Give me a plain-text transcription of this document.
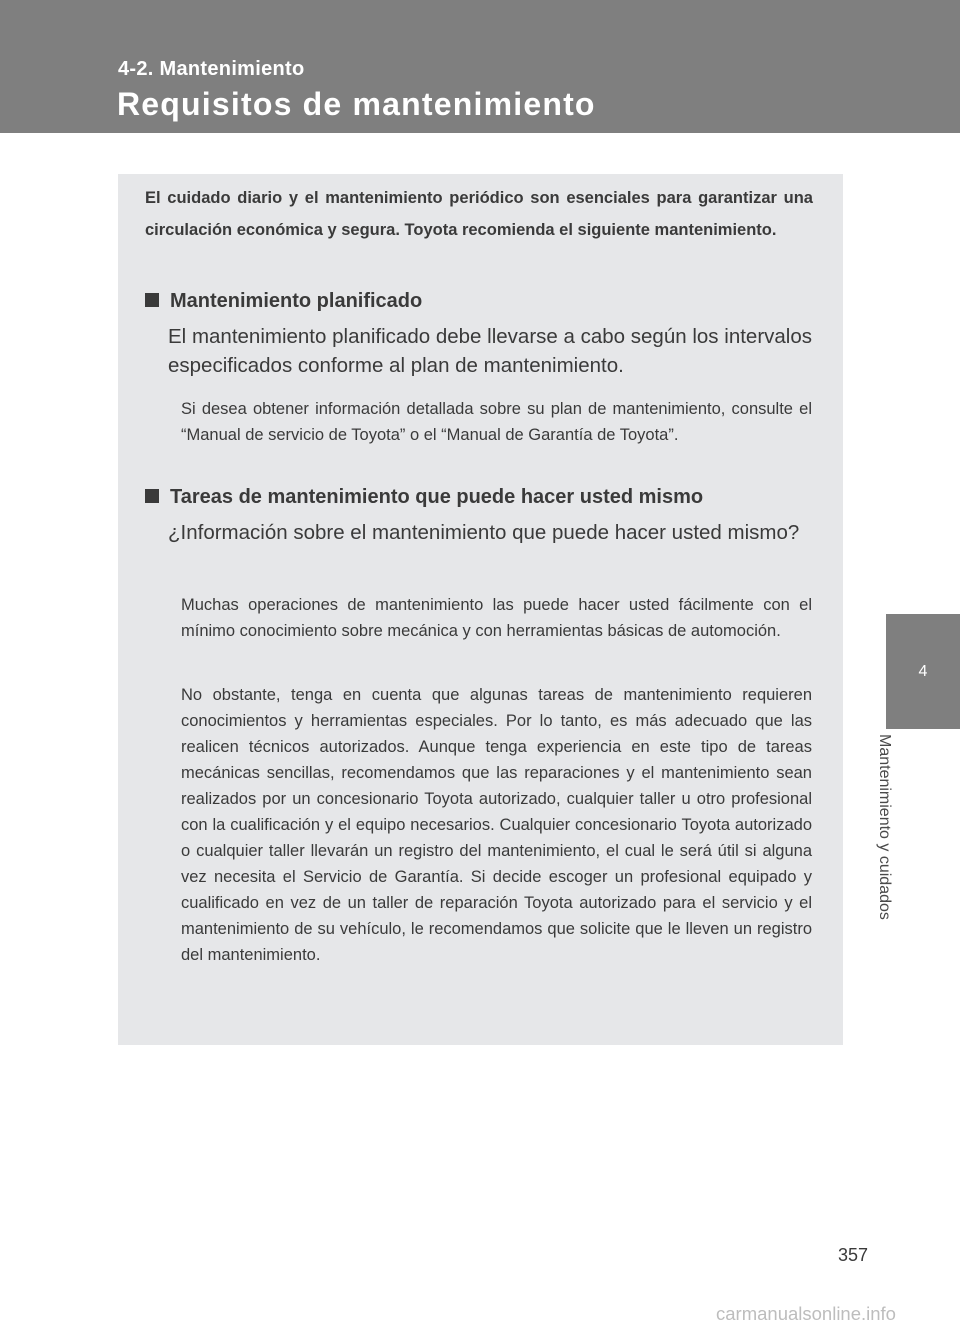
4-2. Mantenimiento
Requisitos de mantenimiento
4
Mantenimiento y cuidados
El cuidado diario y el mantenimiento periódico son esenciales para garantizar una circulación económica y segura. Toyota recomienda el siguiente mantenimiento.
Mantenimiento planificado
El mantenimiento planificado debe llevarse a cabo según los intervalos especificados conforme al plan de mantenimiento.
Si desea obtener información detallada sobre su plan de mantenimiento, consulte el “Manual de servicio de Toyota” o el “Manual de Garantía de Toyota”.
Tareas de mantenimiento que puede hacer usted mismo
¿Información sobre el mantenimiento que puede hacer usted mismo?
Muchas operaciones de mantenimiento las puede hacer usted fácilmente con el mínimo conocimiento sobre mecánica y con herramientas básicas de automoción.
No obstante, tenga en cuenta que algunas tareas de mantenimiento requieren conocimientos y herramientas especiales. Por lo tanto, es más adecuado que las realicen técnicos autorizados. Aunque tenga experiencia en este tipo de tareas mecánicas sencillas, recomendamos que las reparaciones y el mantenimiento sean realizados por un concesionario Toyota autorizado, cualquier taller u otro profesional con la cualificación y el equipo necesarios. Cualquier concesionario Toyota autorizado o cualquier taller llevarán un registro del mantenimiento, el cual le será útil si alguna vez necesita el Servicio de Garantía. Si decide escoger un profesional equipado y cualificado en vez de un taller de reparación Toyota autorizado para el servicio y el mantenimiento de su vehículo, le recomendamos que solicite que le lleven un registro del mantenimiento.
357
carmanualsonline.info
